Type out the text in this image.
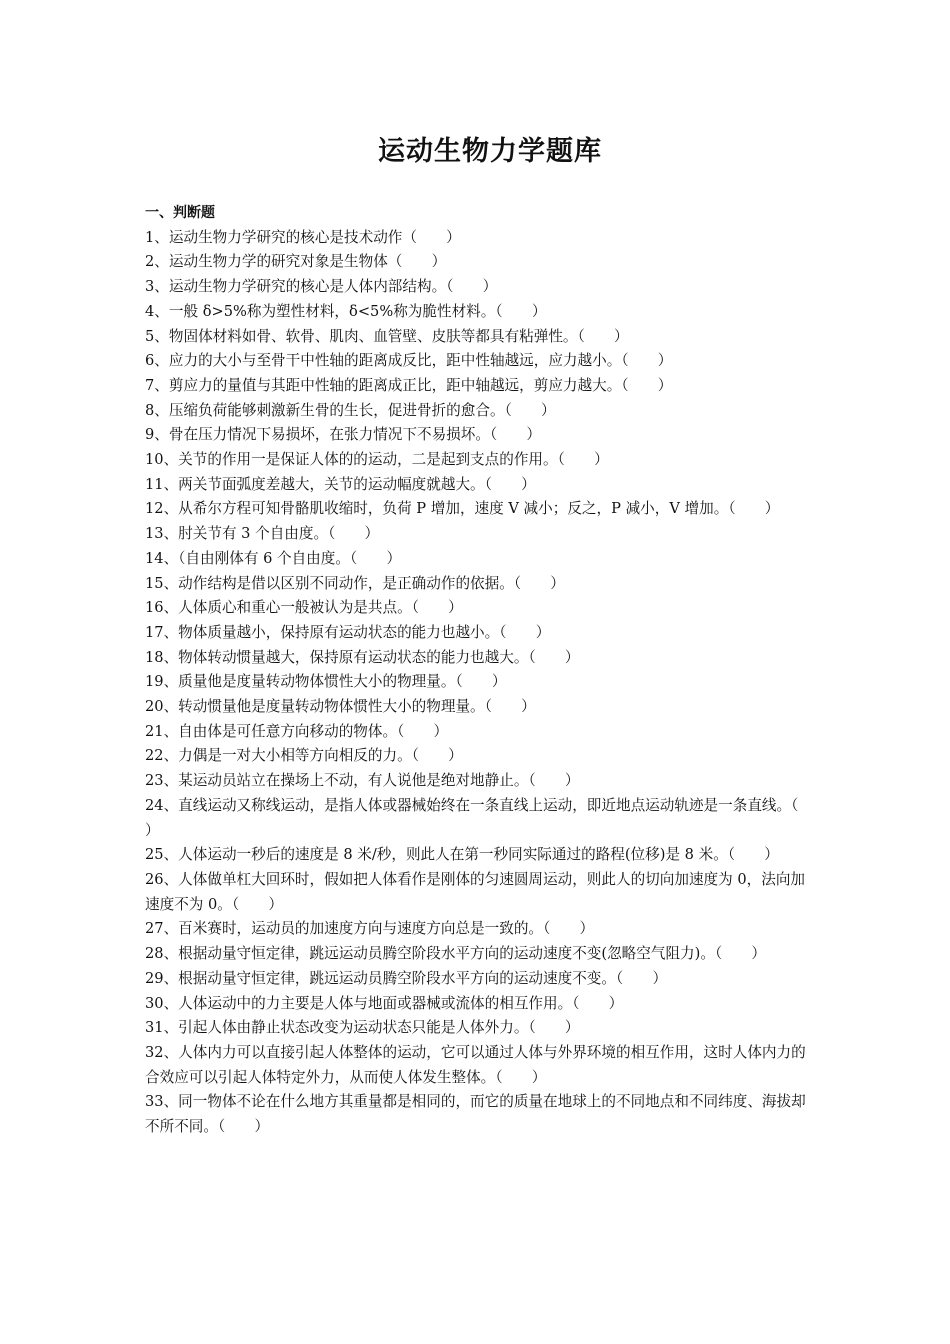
运动生物力学题库
一、判断题
1、运动生物力学研究的核心是技术动作（　　）
2、运动生物力学的研究对象是生物体（　　）
3、运动生物力学研究的核心是人体内部结构。（　　）
4、一般 δ>5%称为塑性材料，δ<5%称为脆性材料。（　　）
5、物固体材料如骨、软骨、肌肉、血管壁、皮肤等都具有粘弹性。（　　）
6、应力的大小与至骨干中性轴的距离成反比，距中性轴越远，应力越小。（　　）
7、剪应力的量值与其距中性轴的距离成正比，距中轴越远，剪应力越大。（　　）
8、压缩负荷能够刺激新生骨的生长，促进骨折的愈合。（　　）
9、骨在压力情况下易损坏，在张力情况下不易损坏。（　　）
10、关节的作用一是保证人体的的运动，二是起到支点的作用。（　　）
11、两关节面弧度差越大，关节的运动幅度就越大。（　　）
12、从希尔方程可知骨骼肌收缩时，负荷 P 增加，速度 V 减小；反之，P 减小，V 增加。（　　）
13、肘关节有 3 个自由度。（　　）
14、（自由刚体有 6 个自由度。（　　）
15、动作结构是借以区别不同动作，是正确动作的依据。（　　）
16、人体质心和重心一般被认为是共点。（　　）
17、物体质量越小，保持原有运动状态的能力也越小。（　　）
18、物体转动惯量越大，保持原有运动状态的能力也越大。（　　）
19、质量他是度量转动物体惯性大小的物理量。（　　）
20、转动惯量他是度量转动物体惯性大小的物理量。（　　）
21、自由体是可任意方向移动的物体。（　　）
22、力偶是一对大小相等方向相反的力。（　　）
23、某运动员站立在操场上不动，有人说他是绝对地静止。（　　）
24、直线运动又称线运动，是指人体或器械始终在一条直线上运动，即近地点运动轨迹是一条直线。（　　）
25、人体运动一秒后的速度是 8 米/秒，则此人在第一秒同实际通过的路程(位移)是 8 米。（　　）
26、人体做单杠大回环时，假如把人体看作是刚体的匀速圆周运动，则此人的切向加速度为 0，法向加速度不为 0。（　　）
27、百米赛时，运动员的加速度方向与速度方向总是一致的。（　　）
28、根据动量守恒定律，跳远运动员腾空阶段水平方向的运动速度不变(忽略空气阻力)。（　　）
29、根据动量守恒定律，跳远运动员腾空阶段水平方向的运动速度不变。（　　）
30、人体运动中的力主要是人体与地面或器械或流体的相互作用。（　　）
31、引起人体由静止状态改变为运动状态只能是人体外力。（　　）
32、人体内力可以直接引起人体整体的运动，它可以通过人体与外界环境的相互作用，这时人体内力的合效应可以引起人体特定外力，从而使人体发生整体。（　　）
33、同一物体不论在什么地方其重量都是相同的，而它的质量在地球上的不同地点和不同纬度、海拔却不所不同。（　　）
